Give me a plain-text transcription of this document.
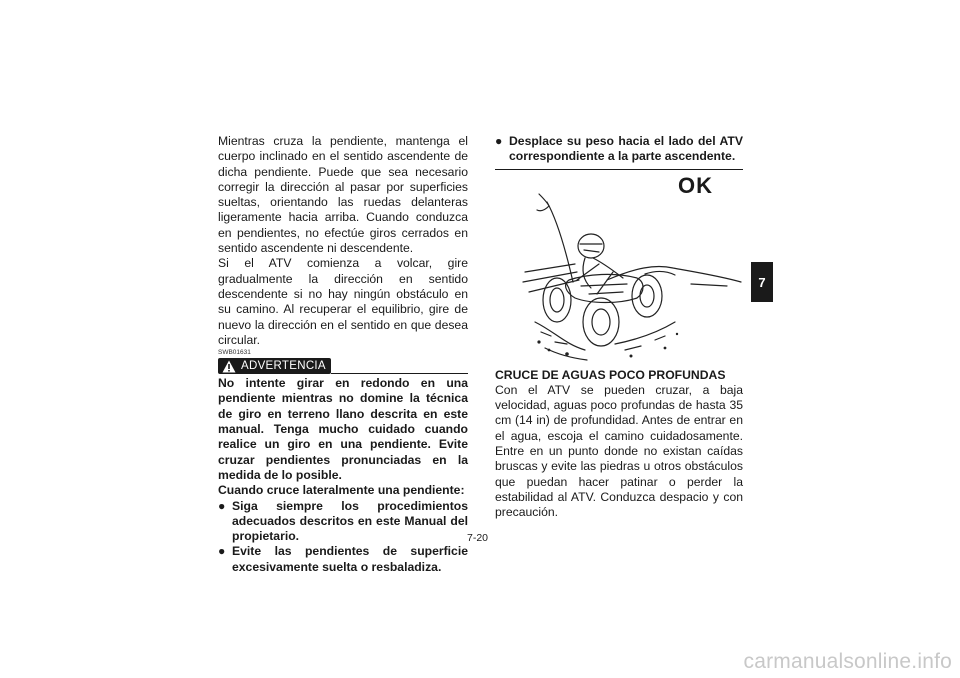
Mientras cruza la pendiente, mantenga el cuerpo inclinado en el sentido ascendente de dicha pendiente. Puede que sea necesario corregir la dirección al pasar por superficies sueltas, orientando las ruedas delanteras ligeramente hacia arriba. Cuando conduzca en pendientes, no efectúe giros cerrados en sentido ascendente ni descendente.

Si el ATV comienza a volcar, gire gradualmente la dirección en sentido descendente si no hay ningún obstáculo en su camino. Al recuperar el equilibrio, gire de nuevo la dirección en el sentido en que desea circular.

SWB01631
ADVERTENCIA

No intente girar en redondo en una pendiente mientras no domine la técnica de giro en terreno llano descrita en este manual. Tenga mucho cuidado cuando realice un giro en una pendiente. Evite cruzar pendientes pronunciadas en la medida de lo posible.

Cuando cruce lateralmente una pendiente:

● Siga siempre los procedimientos adecuados descritos en este Manual del propietario.
● Evite las pendientes de superficie excesivamente suelta o resbaladiza.
● Desplace su peso hacia el lado del ATV correspondiente a la parte ascendente.
OK
CRUCE DE AGUAS POCO PROFUNDAS

Con el ATV se pueden cruzar, a baja velocidad, aguas poco profundas de hasta 35 cm (14 in) de profundidad. Antes de entrar en el agua, escoja el camino cuidadosamente. Entre en un punto donde no existan caídas bruscas y evite las piedras u otros obstáculos que puedan hacer patinar o perder la estabilidad al ATV. Conduzca despacio y con precaución.

7-20
7
carmanualsonline.info
